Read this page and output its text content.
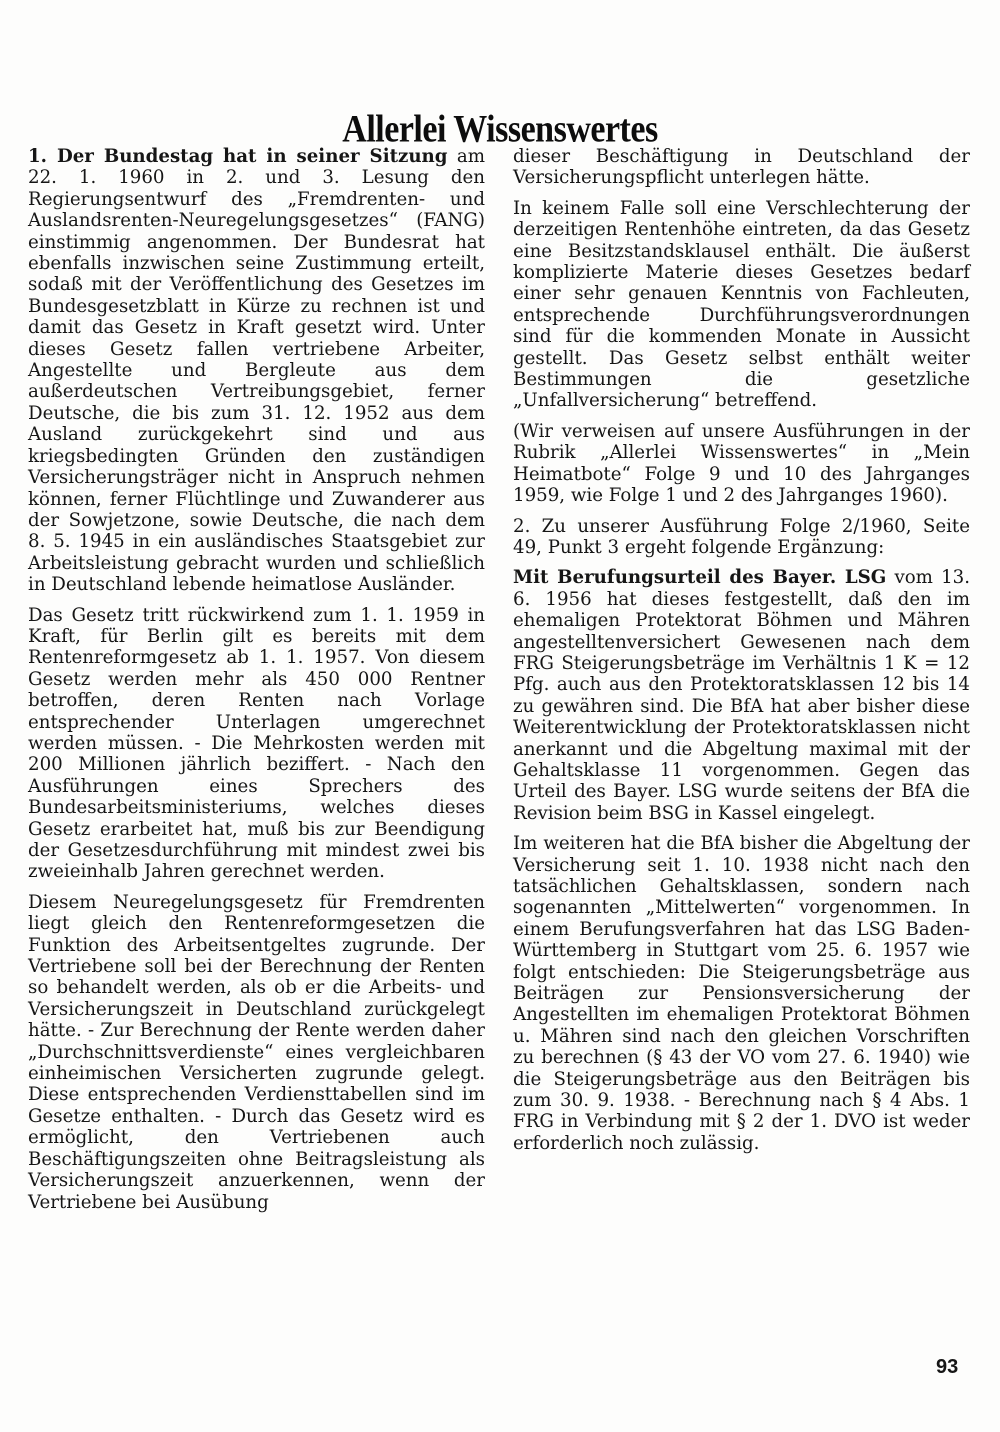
Allerlei Wissenswertes

1. Der Bundestag hat in seiner Sitzung am 22. 1. 1960 in 2. und 3. Lesung den Regierungsentwurf des „Fremdrenten- und Auslandsrenten-Neuregelungsgesetzes“ (FANG) einstimmig angenommen. Der Bundesrat hat ebenfalls inzwischen seine Zustimmung erteilt, sodaß mit der Veröffentlichung des Gesetzes im Bundesgesetzblatt in Kürze zu rechnen ist und damit das Gesetz in Kraft gesetzt wird. Unter dieses Gesetz fallen vertriebene Arbeiter, Angestellte und Bergleute aus dem außerdeutschen Vertreibungsgebiet, ferner Deutsche, die bis zum 31. 12. 1952 aus dem Ausland zurückgekehrt sind und aus kriegsbedingten Gründen den zuständigen Versicherungsträger nicht in Anspruch nehmen können, ferner Flüchtlinge und Zuwanderer aus der Sowjetzone, sowie Deutsche, die nach dem 8. 5. 1945 in ein ausländisches Staatsgebiet zur Arbeitsleistung gebracht wurden und schließlich in Deutschland lebende heimatlose Ausländer.

Das Gesetz tritt rückwirkend zum 1. 1. 1959 in Kraft, für Berlin gilt es bereits mit dem Rentenreformgesetz ab 1. 1. 1957. Von diesem Gesetz werden mehr als 450 000 Rentner betroffen, deren Renten nach Vorlage entsprechender Unterlagen umgerechnet werden müssen. - Die Mehrkosten werden mit 200 Millionen jährlich beziffert. - Nach den Ausführungen eines Sprechers des Bundesarbeitsministeriums, welches dieses Gesetz erarbeitet hat, muß bis zur Beendigung der Gesetzesdurchführung mit mindest zwei bis zweieinhalb Jahren gerechnet werden.

Diesem Neuregelungsgesetz für Fremdrenten liegt gleich den Rentenreformgesetzen die Funktion des Arbeitsentgeltes zugrunde. Der Vertriebene soll bei der Berechnung der Renten so behandelt werden, als ob er die Arbeits- und Versicherungszeit in Deutschland zurückgelegt hätte. - Zur Berechnung der Rente werden daher „Durchschnittsverdienste“ eines vergleichbaren einheimischen Versicherten zugrunde gelegt. Diese entsprechenden Verdiensttabellen sind im Gesetze enthalten. - Durch das Gesetz wird es ermöglicht, den Vertriebenen auch Beschäftigungszeiten ohne Beitragsleistung als Versicherungszeit anzuerkennen, wenn der Vertriebene bei Ausübung

dieser Beschäftigung in Deutschland der Versicherungspflicht unterlegen hätte.

In keinem Falle soll eine Verschlechterung der derzeitigen Rentenhöhe eintreten, da das Gesetz eine Besitzstandsklausel enthält. Die äußerst komplizierte Materie dieses Gesetzes bedarf einer sehr genauen Kenntnis von Fachleuten, entsprechende Durchführungsverordnungen sind für die kommenden Monate in Aussicht gestellt. Das Gesetz selbst enthält weiter Bestimmungen die gesetzliche „Unfallversicherung“ betreffend.

(Wir verweisen auf unsere Ausführungen in der Rubrik „Allerlei Wissenswertes“ in „Mein Heimatbote“ Folge 9 und 10 des Jahrganges 1959, wie Folge 1 und 2 des Jahrganges 1960).

2. Zu unserer Ausführung Folge 2/1960, Seite 49, Punkt 3 ergeht folgende Ergänzung:

Mit Berufungsurteil des Bayer. LSG vom 13. 6. 1956 hat dieses festgestellt, daß den im ehemaligen Protektorat Böhmen und Mähren angestelltenversichert Gewesenen nach dem FRG Steigerungsbeträge im Verhältnis 1 K = 12 Pfg. auch aus den Protektoratsklassen 12 bis 14 zu gewähren sind. Die BfA hat aber bisher diese Weiterentwicklung der Protektoratsklassen nicht anerkannt und die Abgeltung maximal mit der Gehaltsklasse 11 vorgenommen. Gegen das Urteil des Bayer. LSG wurde seitens der BfA die Revision beim BSG in Kassel eingelegt.

Im weiteren hat die BfA bisher die Abgeltung der Versicherung seit 1. 10. 1938 nicht nach den tatsächlichen Gehaltsklassen, sondern nach sogenannten „Mittelwerten“ vorgenommen. In einem Berufungsverfahren hat das LSG Baden-Württemberg in Stuttgart vom 25. 6. 1957 wie folgt entschieden: Die Steigerungsbeträge aus Beiträgen zur Pensionsversicherung der Angestellten im ehemaligen Protektorat Böhmen u. Mähren sind nach den gleichen Vorschriften zu berechnen (§ 43 der VO vom 27. 6. 1940) wie die Steigerungsbeträge aus den Beiträgen bis zum 30. 9. 1938. - Berechnung nach § 4 Abs. 1 FRG in Verbindung mit § 2 der 1. DVO ist weder erforderlich noch zulässig.

93
